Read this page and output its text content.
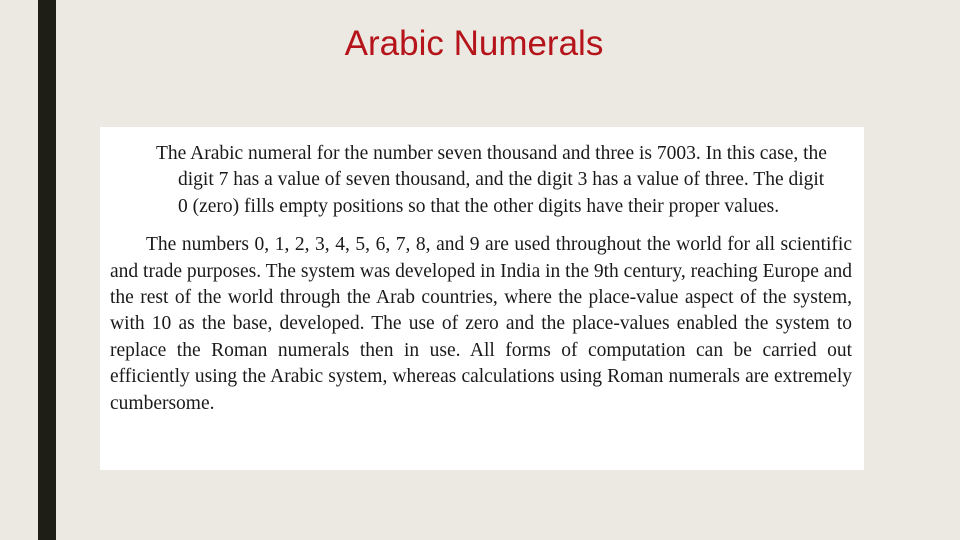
Arabic Numerals

The Arabic numeral for the number seven thousand and three is 7003. In this case, the digit 7 has a value of seven thousand, and the digit 3 has a value of three. The digit 0 (zero) fills empty positions so that the other digits have their proper values.

The numbers 0, 1, 2, 3, 4, 5, 6, 7, 8, and 9 are used throughout the world for all scientific and trade purposes. The system was developed in India in the 9th century, reaching Europe and the rest of the world through the Arab countries, where the place-value aspect of the system, with 10 as the base, developed. The use of zero and the place-values enabled the system to replace the Roman numerals then in use. All forms of computation can be carried out efficiently using the Arabic system, whereas calculations using Roman numerals are extremely cumbersome.
